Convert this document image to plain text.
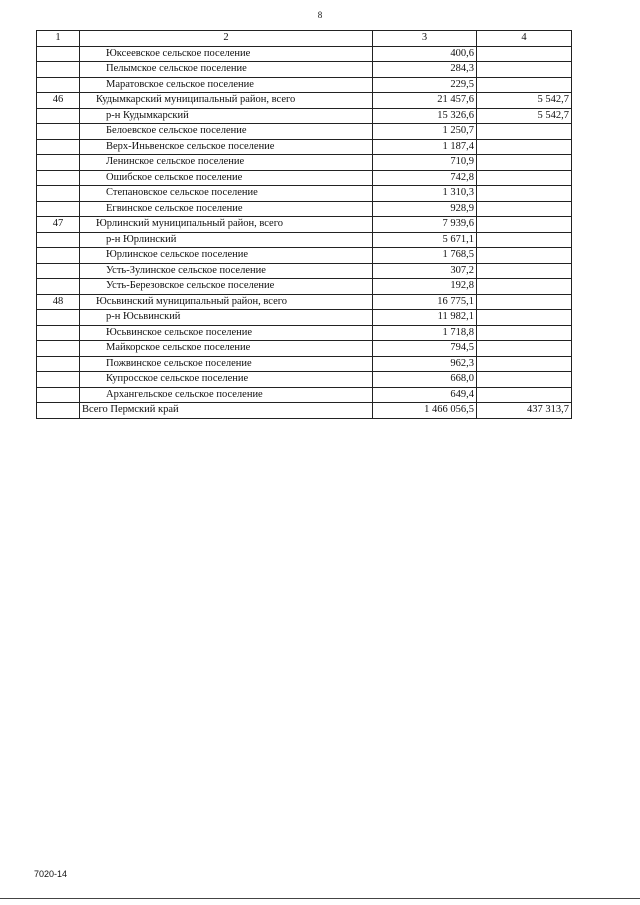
8
1	2	3	4
	Юксеевское сельское поселение	400,6	
	Пелымское сельское поселение	284,3	
	Маратовское сельское поселение	229,5	
46	Кудымкарский муниципальный район, всего	21 457,6	5 542,7
	р-н Кудымкарский	15 326,6	5 542,7
	Белоевское сельское поселение	1 250,7	
	Верх-Иньвенское сельское поселение	1 187,4	
	Ленинское сельское поселение	710,9	
	Ошибское сельское поселение	742,8	
	Степановское сельское поселение	1 310,3	
	Егвинское сельское поселение	928,9	
47	Юрлинский муниципальный район, всего	7 939,6	
	р-н Юрлинский	5 671,1	
	Юрлинское сельское поселение	1 768,5	
	Усть-Зулинское сельское поселение	307,2	
	Усть-Березовское сельское поселение	192,8	
48	Юсьвинский муниципальный район, всего	16 775,1	
	р-н Юсьвинский	11 982,1	
	Юсьвинское сельское поселение	1 718,8	
	Майкорское сельское поселение	794,5	
	Пожвинское сельское поселение	962,3	
	Купросское сельское поселение	668,0	
	Архангельское сельское поселение	649,4	
	Всего Пермский край	1 466 056,5	437 313,7
7020-14
